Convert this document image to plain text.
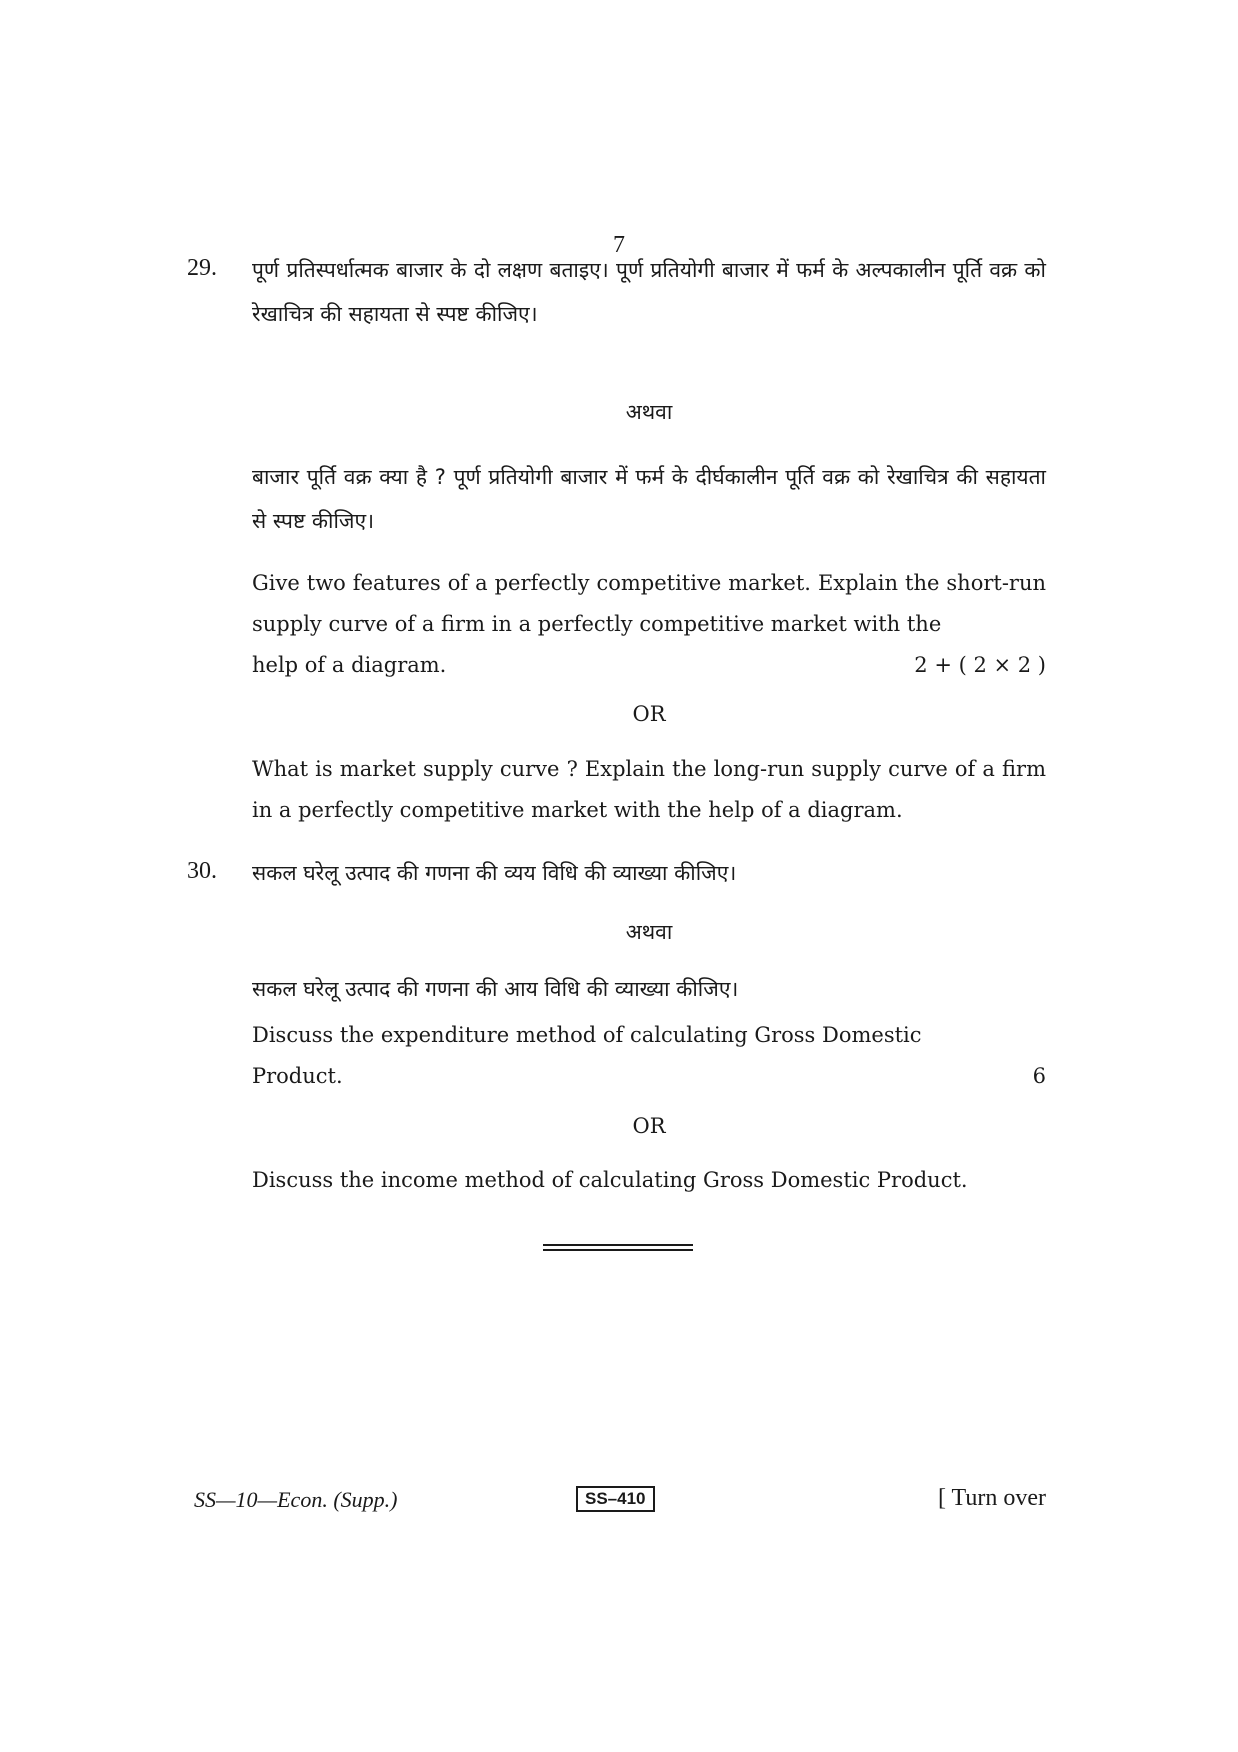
7
29. पूर्ण प्रतिस्पर्धात्मक बाजार के दो लक्षण बताइए। पूर्ण प्रतियोगी बाजार में फर्म के अल्पकालीन पूर्ति वक्र को रेखाचित्र की सहायता से स्पष्ट कीजिए।
अथवा
बाजार पूर्ति वक्र क्या है ? पूर्ण प्रतियोगी बाजार में फर्म के दीर्घकालीन पूर्ति वक्र को रेखाचित्र की सहायता से स्पष्ट कीजिए।
Give two features of a perfectly competitive market. Explain the short-run supply curve of a firm in a perfectly competitive market with the
help of a diagram.	2 + ( 2 × 2 )
OR
What is market supply curve ? Explain the long-run supply curve of a firm in a perfectly competitive market with the help of a diagram.
30. सकल घरेलू उत्पाद की गणना की व्यय विधि की व्याख्या कीजिए।
अथवा
सकल घरेलू उत्पाद की गणना की आय विधि की व्याख्या कीजिए।
Discuss the expenditure method of calculating Gross Domestic
Product.	6
OR
Discuss the income method of calculating Gross Domestic Product.
SS—10—Econ. (Supp.)	SS–410	[ Turn over
